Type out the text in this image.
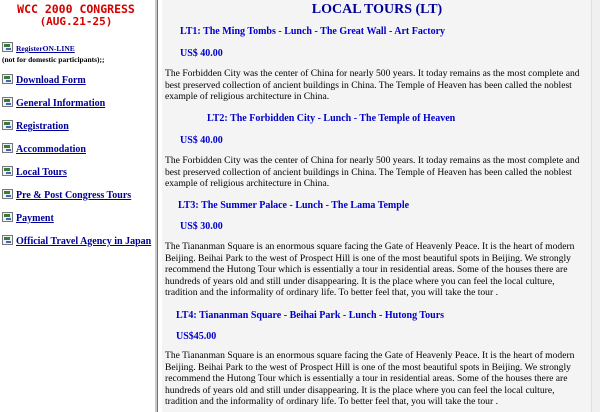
WCC 2000 CONGRESS
(AUG.21-25)
RegisterON-LINE
(not for domestic participants);;
Download Form
General Information
Registration
Accommodation
Local Tours
Pre & Post Congress Tours
Payment
Official Travel Agency in Japan
LOCAL TOURS (LT)
LT1: The Ming Tombs - Lunch - The Great Wall - Art Factory
US$ 40.00
The Forbidden City was the center of China for nearly 500 years. It today remains as the most complete and best preserved collection of ancient buildings in China. The Temple of Heaven has been called the noblest example of religious architecture in China.
LT2: The Forbidden City - Lunch - The Temple of Heaven
US$ 40.00
The Forbidden City was the center of China for nearly 500 years. It today remains as the most complete and best preserved collection of ancient buildings in China. The Temple of Heaven has been called the noblest example of religious architecture in China.
LT3: The Summer Palace - Lunch - The Lama Temple
US$ 30.00
The Tiananman Square is an enormous square facing the Gate of Heavenly Peace. It is the heart of modern Beijing. Beihai Park to the west of Prospect Hill is one of the most beautiful spots in Beijing. We strongly recommend the Hutong Tour which is essentially a tour in residential areas. Some of the houses there are hundreds of years old and still under disappearing. It is the place where you can feel the local culture, tradition and the informality of ordinary life. To better feel that, you will take the tour .
LT4: Tiananman Square - Beihai Park - Lunch - Hutong Tours
US$45.00
The Tiananman Square is an enormous square facing the Gate of Heavenly Peace. It is the heart of modern Beijing. Beihai Park to the west of Prospect Hill is one of the most beautiful spots in Beijing. We strongly recommend the Hutong Tour which is essentially a tour in residential areas. Some of the houses there are hundreds of years old and still under disappearing. It is the place where you can feel the local culture, tradition and the informality of ordinary life. To better feel that, you will take the tour .
